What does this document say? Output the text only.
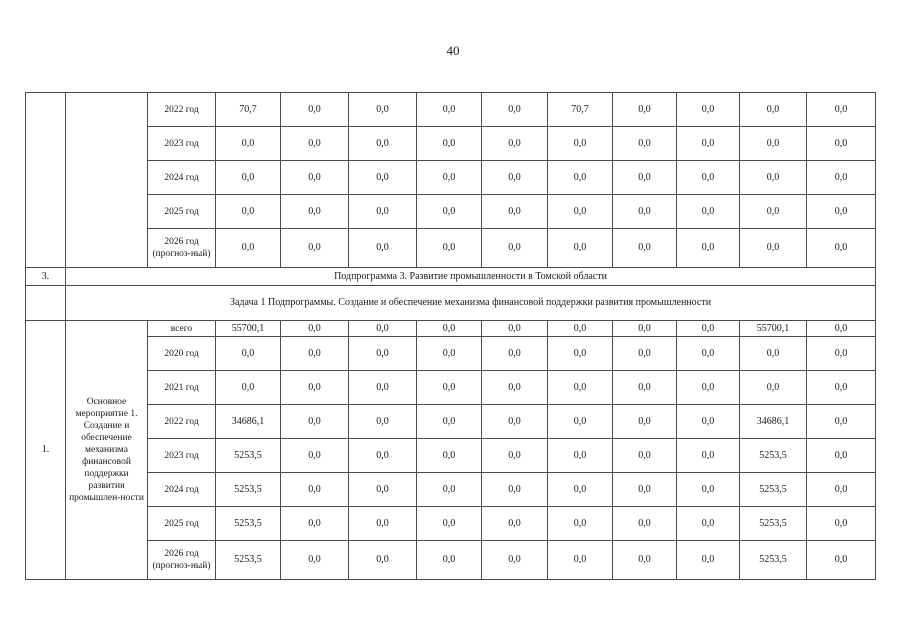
40
		2022 год	70,7	0,0	0,0	0,0	0,0	70,7	0,0	0,0	0,0	0,0
		2023 год	0,0	0,0	0,0	0,0	0,0	0,0	0,0	0,0	0,0	0,0
		2024 год	0,0	0,0	0,0	0,0	0,0	0,0	0,0	0,0	0,0	0,0
		2025 год	0,0	0,0	0,0	0,0	0,0	0,0	0,0	0,0	0,0	0,0
		2026 год (прогноз-ный)	0,0	0,0	0,0	0,0	0,0	0,0	0,0	0,0	0,0	0,0
3.	Подпрограмма 3. Развитие промышленности в Томской области											
	Задача 1 Подпрограммы. Создание и обеспечение механизма финансовой поддержки развития промышленности											
1.	Основное мероприятие 1. Создание и обеспечение механизма финансовой поддержки развития промышлен-ности	всего	55700,1	0,0	0,0	0,0	0,0	0,0	0,0	0,0	55700,1	0,0
		2020 год	0,0	0,0	0,0	0,0	0,0	0,0	0,0	0,0	0,0	0,0
		2021 год	0,0	0,0	0,0	0,0	0,0	0,0	0,0	0,0	0,0	0,0
		2022 год	34686,1	0,0	0,0	0,0	0,0	0,0	0,0	0,0	34686,1	0,0
		2023 год	5253,5	0,0	0,0	0,0	0,0	0,0	0,0	0,0	5253,5	0,0
		2024 год	5253,5	0,0	0,0	0,0	0,0	0,0	0,0	0,0	5253,5	0,0
		2025 год	5253,5	0,0	0,0	0,0	0,0	0,0	0,0	0,0	5253,5	0,0
		2026 год (прогноз-ный)	5253,5	0,0	0,0	0,0	0,0	0,0	0,0	0,0	5253,5	0,0
